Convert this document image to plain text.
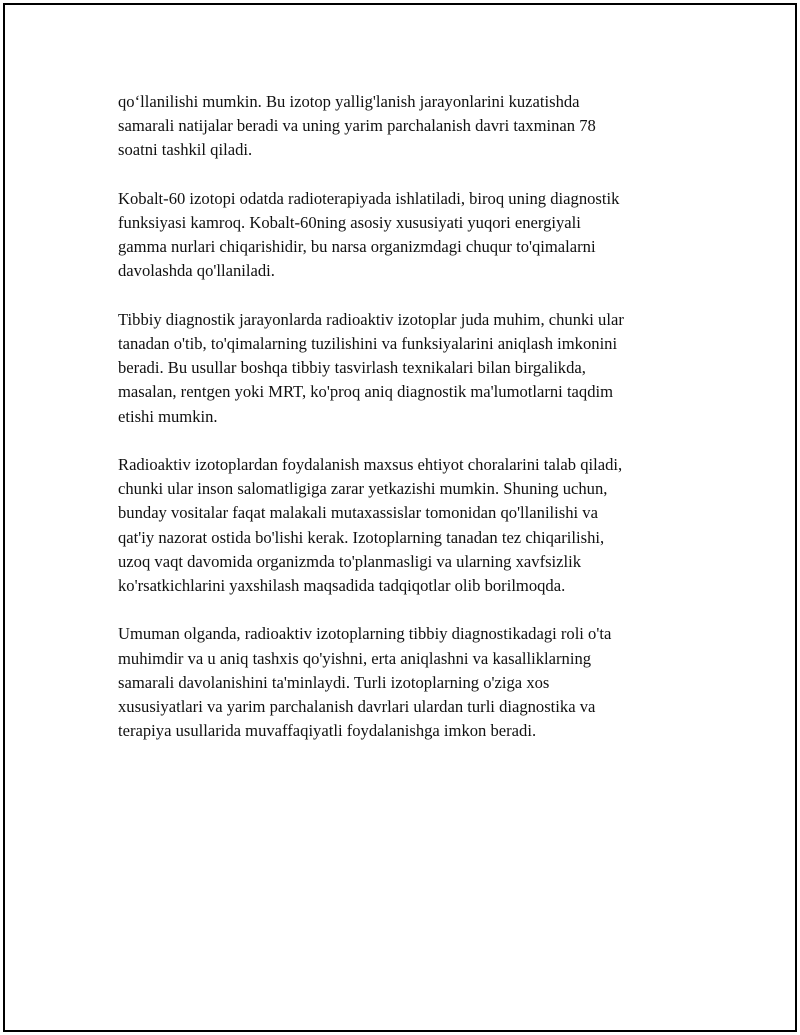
qo‘llanilishi mumkin. Bu izotop yallig'lanish jarayonlarini kuzatishda
samarali natijalar beradi va uning yarim parchalanish davri taxminan 78
soatni tashkil qiladi.

Kobalt-60 izotopi odatda radioterapiyada ishlatiladi, biroq uning diagnostik
funksiyasi kamroq. Kobalt-60ning asosiy xususiyati yuqori energiyali
gamma nurlari chiqarishidir, bu narsa organizmdagi chuqur to'qimalarni
davolashda qo'llaniladi.

Tibbiy diagnostik jarayonlarda radioaktiv izotoplar juda muhim, chunki ular
tanadan o'tib, to'qimalarning tuzilishini va funksiyalarini aniqlash imkonini
beradi. Bu usullar boshqa tibbiy tasvirlash texnikalari bilan birgalikda,
masalan, rentgen yoki MRT, ko'proq aniq diagnostik ma'lumotlarni taqdim
etishi mumkin.

Radioaktiv izotoplardan foydalanish maxsus ehtiyot choralarini talab qiladi,
chunki ular inson salomatligiga zarar yetkazishi mumkin. Shuning uchun,
bunday vositalar faqat malakali mutaxassislar tomonidan qo'llanilishi va
qat'iy nazorat ostida bo'lishi kerak. Izotoplarning tanadan tez chiqarilishi,
uzoq vaqt davomida organizmda to'planmasligi va ularning xavfsizlik
ko'rsatkichlarini yaxshilash maqsadida tadqiqotlar olib borilmoqda.

Umuman olganda, radioaktiv izotoplarning tibbiy diagnostikadagi roli o'ta
muhimdir va u aniq tashxis qo'yishni, erta aniqlashni va kasalliklarning
samarali davolanishini ta'minlaydi. Turli izotoplarning o'ziga xos
xususiyatlari va yarim parchalanish davrlari ulardan turli diagnostika va
terapiya usullarida muvaffaqiyatli foydalanishga imkon beradi.
